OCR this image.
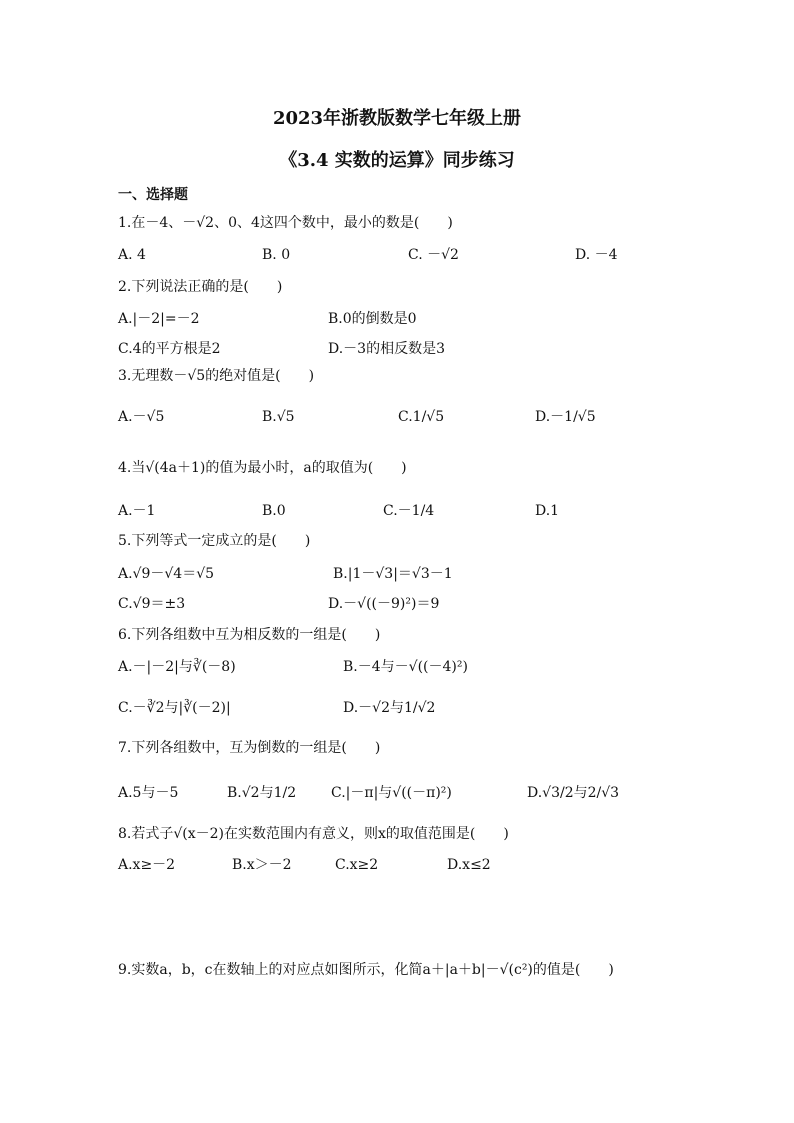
2023年浙教版数学七年级上册
《3.4 实数的运算》同步练习
一、选择题
1.在－4、－√2、0、4这四个数中，最小的数是(　　)
A. 4	B. 0	C. －√2	D. －4
2.下列说法正确的是(　　)
A.|－2|=－2	B.0的倒数是0
C.4的平方根是2	D.－3的相反数是3
3.无理数－√5的绝对值是(　　)
A.－√5	B.√5	C.1/√5	D.－1/√5
4.当√(4a＋1)的值为最小时，a的取值为(　　)
A.－1	B.0	C.－1/4	D.1
5.下列等式一定成立的是(　　)
A.√9－√4＝√5	B.|1－√3|＝√3－1
C.√9＝±3	D.－√((－9)²)＝9
6.下列各组数中互为相反数的一组是(　　)
A.－|－2|与∛(－8)	B.－4与－√((－4)²)
C.－∛2与|∛(－2)|	D.－√2与1/√2
7.下列各组数中，互为倒数的一组是(　　)
A.5与－5	B.√2与1/2 C.|－π|与√((－π)²)	D.√3/2与2/√3
8.若式子√(x－2)在实数范围内有意义，则x的取值范围是(　　)
A.x≥－2	B.x＞－2	C.x≥2	D.x≤2
9.实数a，b，c在数轴上的对应点如图所示，化简a＋|a＋b|－√(c²)的值是(　　)
